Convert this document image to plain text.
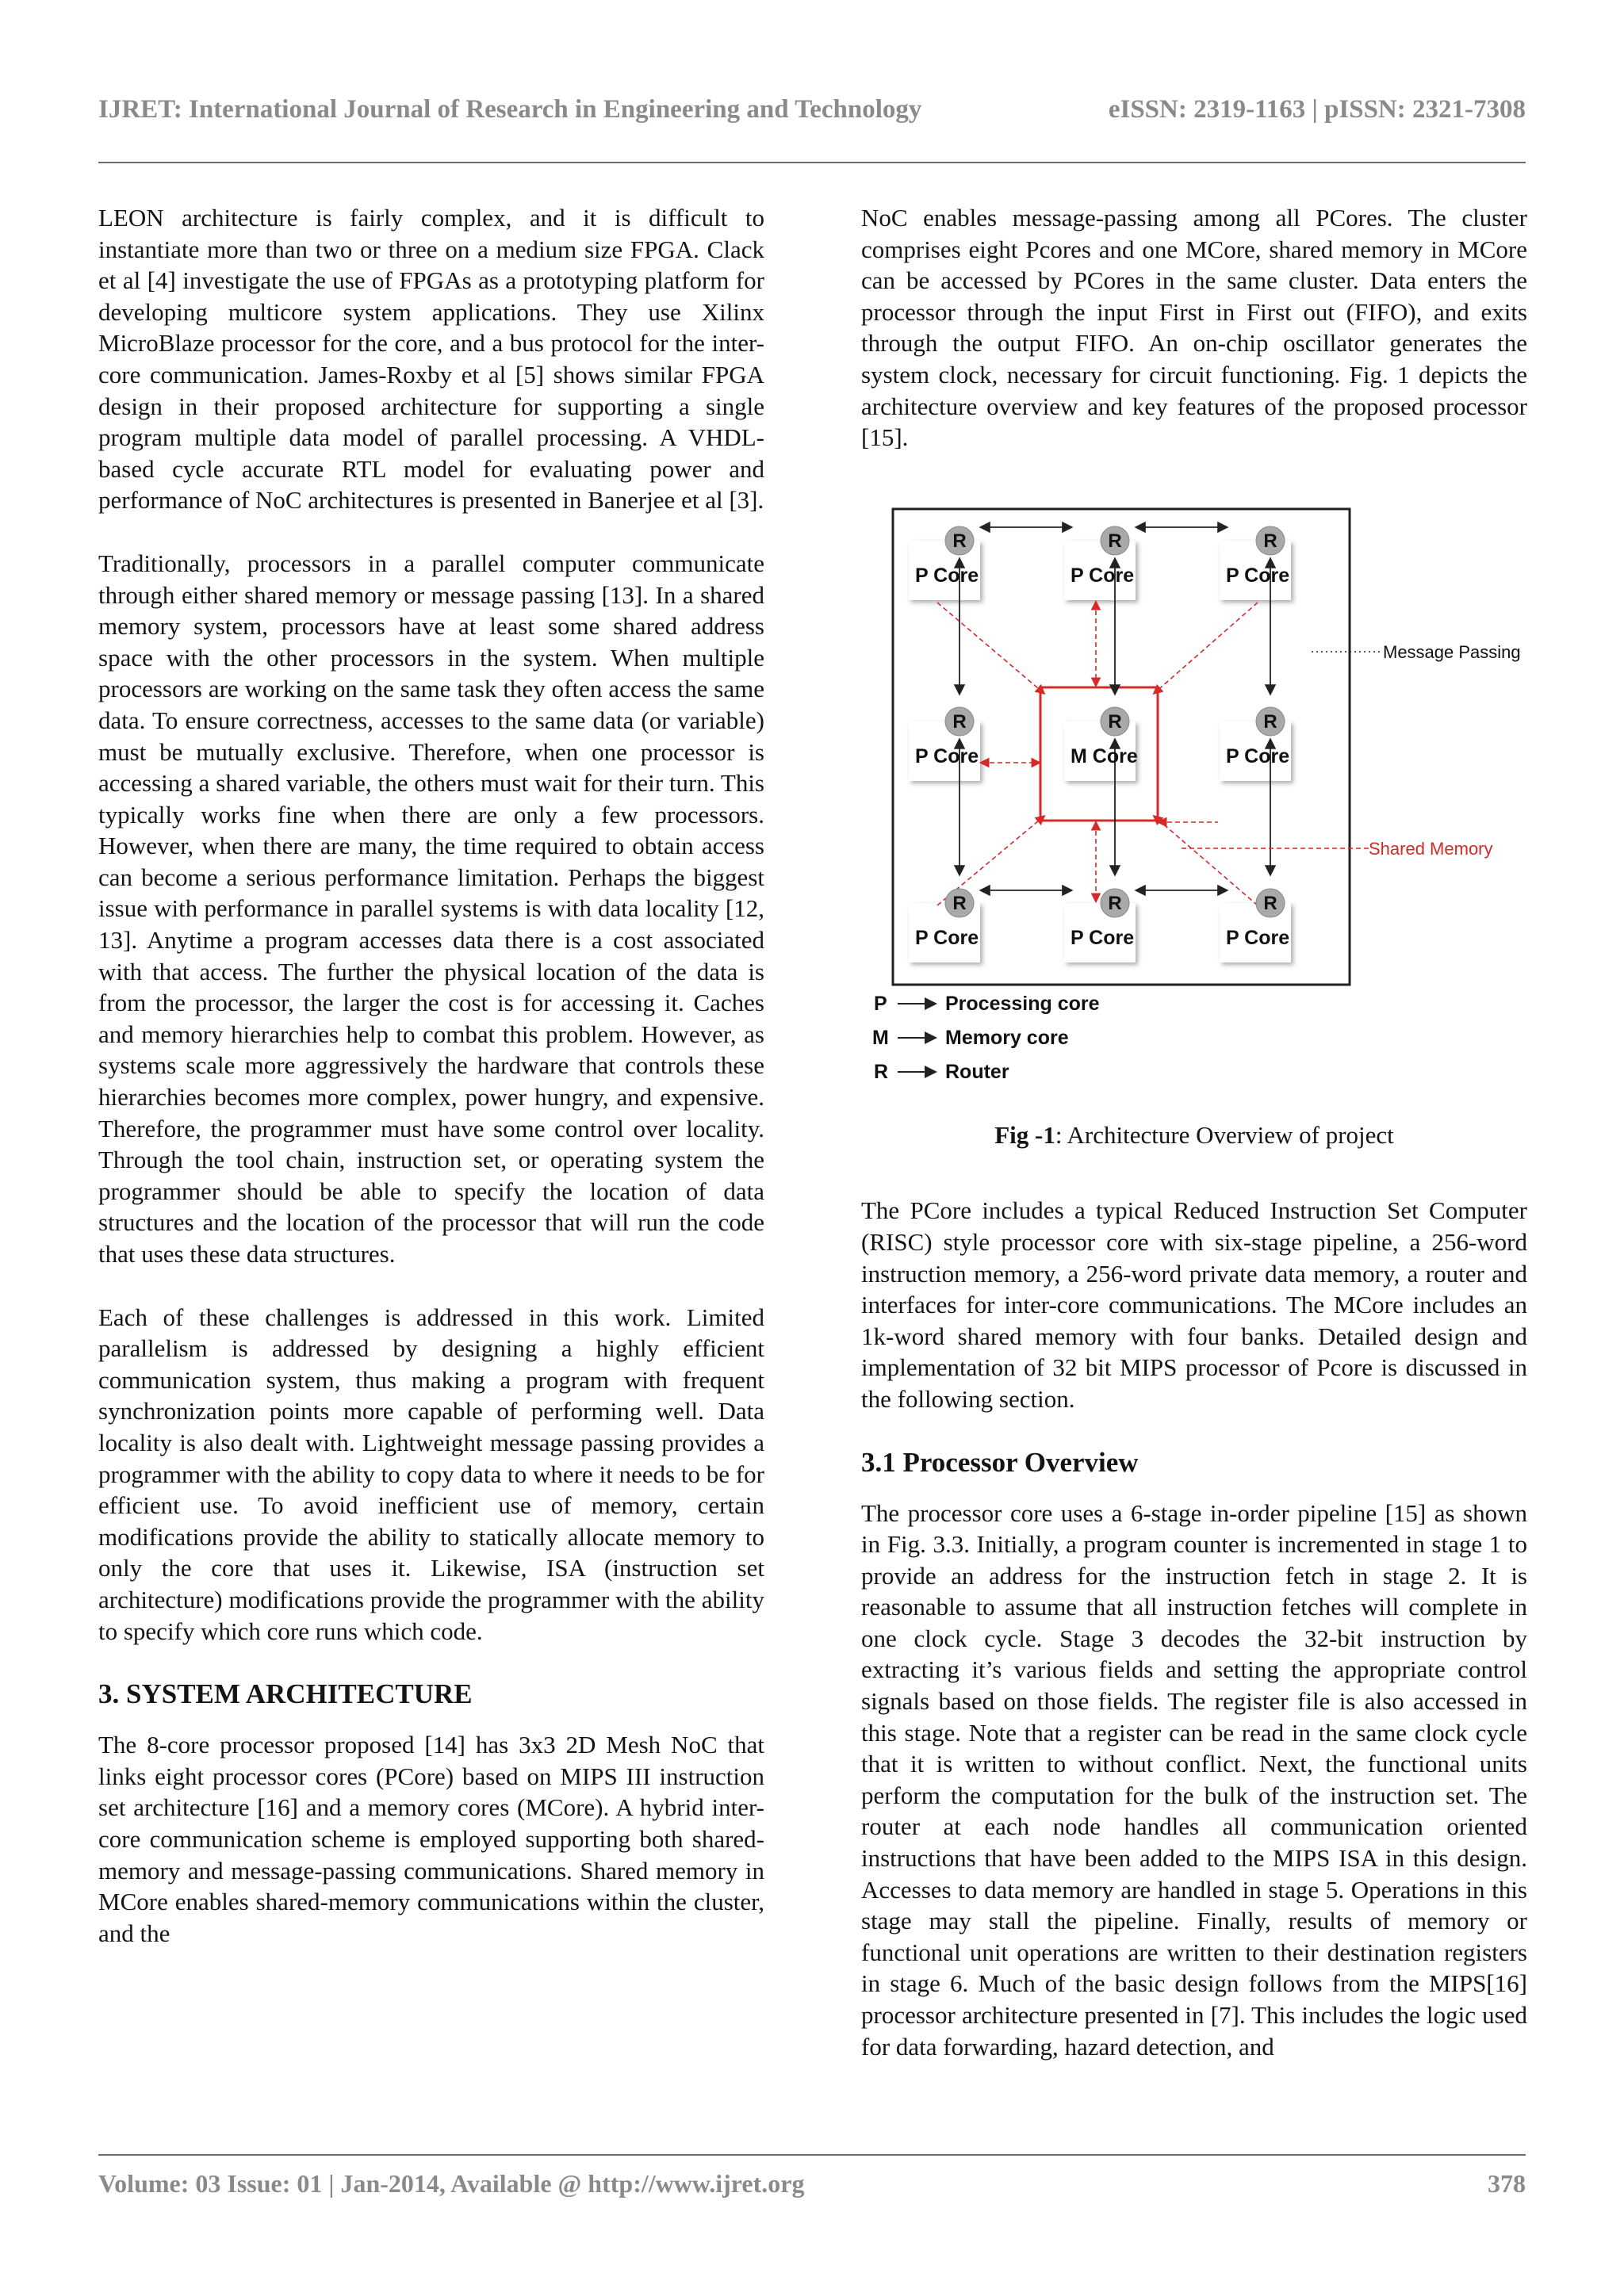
IJRET: International Journal of Research in Engineering and Technology	eISSN: 2319-1163 | pISSN: 2321-7308

LEON architecture is fairly complex, and it is difficult to instantiate more than two or three on a medium size FPGA. Clack et al [4] investigate the use of FPGAs as a prototyping platform for developing multicore system applications. They use Xilinx MicroBlaze processor for the core, and a bus protocol for the inter-core communication. James-Roxby et al [5] shows similar FPGA design in their proposed architecture for supporting a single program multiple data model of parallel processing. A VHDL-based cycle accurate RTL model for evaluating power and performance of NoC architectures is presented in Banerjee et al [3].

Traditionally, processors in a parallel computer communicate through either shared memory or message passing [13]. In a shared memory system, processors have at least some shared address space with the other processors in the system. When multiple processors are working on the same task they often access the same data. To ensure correctness, accesses to the same data (or variable) must be mutually exclusive. Therefore, when one processor is accessing a shared variable, the others must wait for their turn. This typically works fine when there are only a few processors. However, when there are many, the time required to obtain access can become a serious performance limitation. Perhaps the biggest issue with performance in parallel systems is with data locality [12, 13]. Anytime a program accesses data there is a cost associated with that access. The further the physical location of the data is from the processor, the larger the cost is for accessing it. Caches and memory hierarchies help to combat this problem. However, as systems scale more aggressively the hardware that controls these hierarchies becomes more complex, power hungry, and expensive. Therefore, the programmer must have some control over locality. Through the tool chain, instruction set, or operating system the programmer should be able to specify the location of data structures and the location of the processor that will run the code that uses these data structures.

Each of these challenges is addressed in this work. Limited parallelism is addressed by designing a highly efficient communication system, thus making a program with frequent synchronization points more capable of performing well. Data locality is also dealt with. Lightweight message passing provides a programmer with the ability to copy data to where it needs to be for efficient use. To avoid inefficient use of memory, certain modifications provide the ability to statically allocate memory to only the core that uses it. Likewise, ISA (instruction set architecture) modifications provide the programmer with the ability to specify which core runs which code.

3. SYSTEM ARCHITECTURE

The 8-core processor proposed [14] has 3x3 2D Mesh NoC that links eight processor cores (PCore) based on MIPS III instruction set architecture [16] and a memory cores (MCore). A hybrid inter-core communication scheme is employed supporting both shared-memory and message-passing communications. Shared memory in MCore enables shared-memory communications within the cluster, and the

NoC enables message-passing among all PCores. The cluster comprises eight Pcores and one MCore, shared memory in MCore can be accessed by PCores in the same cluster. Data enters the processor through the input First in First out (FIFO), and exits through the output FIFO. An on-chip oscillator generates the system clock, necessary for circuit functioning. Fig. 1 depicts the architecture overview and key features of the proposed processor [15].

R	R	R
R	R	R
R	R	R
P Core	P Core	P Core
P Core	M Core	P Core
P Core	P Core	P Core
Message Passing
Shared Memory
P	Processing core
M	Memory core
R	Router
Fig -1: Architecture Overview of project

The PCore includes a typical Reduced Instruction Set Computer (RISC) style processor core with six-stage pipeline, a 256-word instruction memory, a 256-word private data memory, a router and interfaces for inter-core communications. The MCore includes an 1k-word shared memory with four banks. Detailed design and implementation of 32 bit MIPS processor of Pcore is discussed in the following section.

3.1 Processor Overview

The processor core uses a 6-stage in-order pipeline [15] as shown in Fig. 3.3. Initially, a program counter is incremented in stage 1 to provide an address for the instruction fetch in stage 2. It is reasonable to assume that all instruction fetches will complete in one clock cycle. Stage 3 decodes the 32-bit instruction by extracting it’s various fields and setting the appropriate control signals based on those fields. The register file is also accessed in this stage. Note that a register can be read in the same clock cycle that it is written to without conflict. Next, the functional units perform the computation for the bulk of the instruction set. The router at each node handles all communication oriented instructions that have been added to the MIPS ISA in this design. Accesses to data memory are handled in stage 5. Operations in this stage may stall the pipeline. Finally, results of memory or functional unit operations are written to their destination registers in stage 6. Much of the basic design follows from the MIPS[16] processor architecture presented in [7]. This includes the logic used for data forwarding, hazard detection, and

Volume: 03 Issue: 01 | Jan-2014, Available @ http://www.ijret.org	378
